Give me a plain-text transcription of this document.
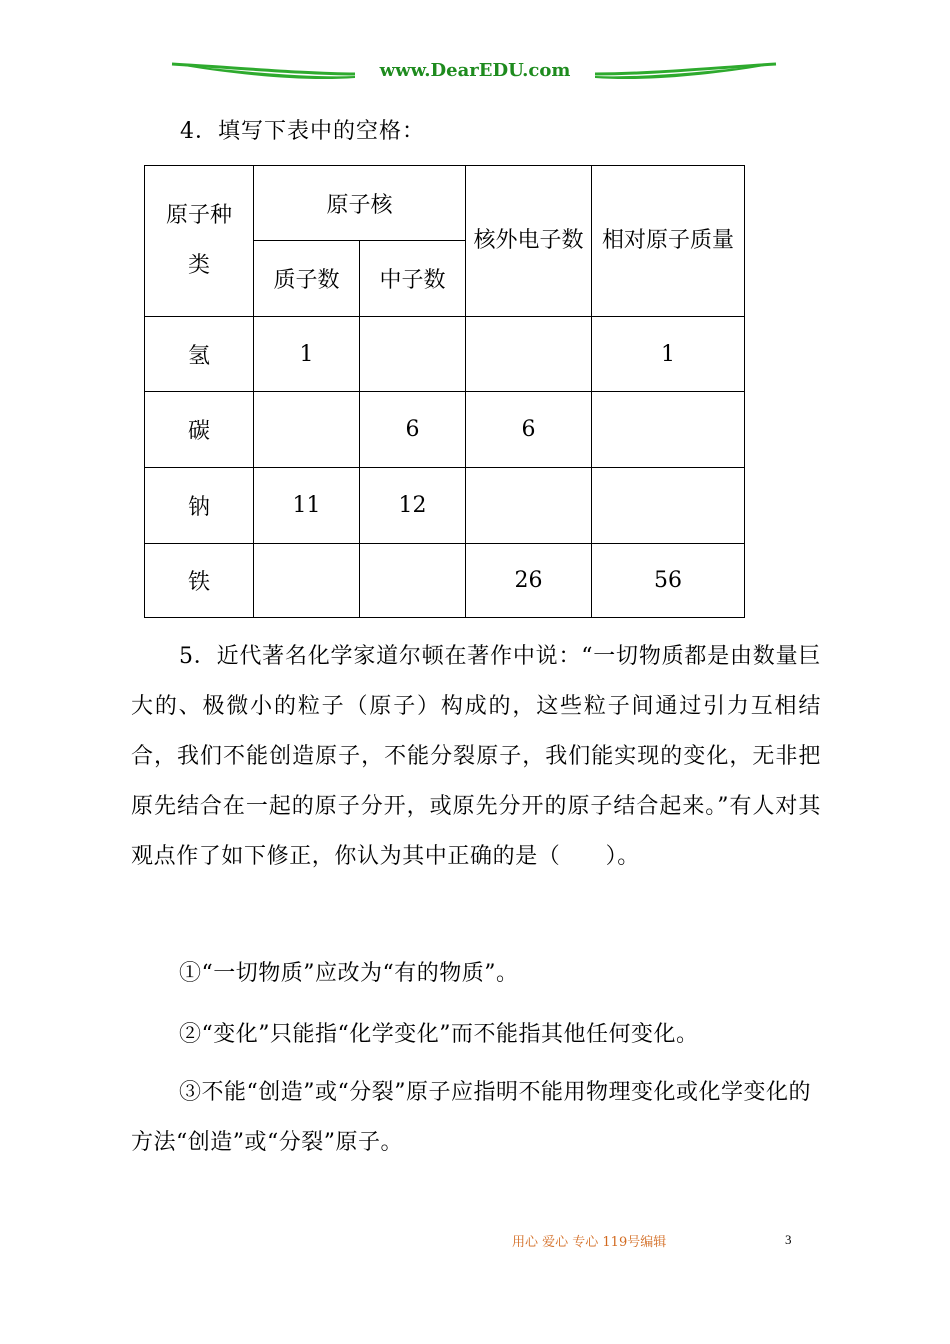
www.DearEDU.com
4．填写下表中的空格：
原子种类	原子核		核外电子数	相对原子质量

	质子数	中子数		
氢	1			1
碳		6	6	
钠	11	12		
铁			26	56
5．近代著名化学家道尔顿在著作中说：“一切物质都是由数量巨大的、极微小的粒子（原子）构成的，这些粒子间通过引力互相结合，我们不能创造原子，不能分裂原子，我们能实现的变化，无非把原先结合在一起的原子分开，或原先分开的原子结合起来。”有人对其观点作了如下修正，你认为其中正确的是（　　）。
①“一切物质”应改为“有的物质”。
②“变化”只能指“化学变化”而不能指其他任何变化。
③不能“创造”或“分裂”原子应指明不能用物理变化或化学变化的方法“创造”或“分裂”原子。
用心 爱心 专心 119号编辑	3
